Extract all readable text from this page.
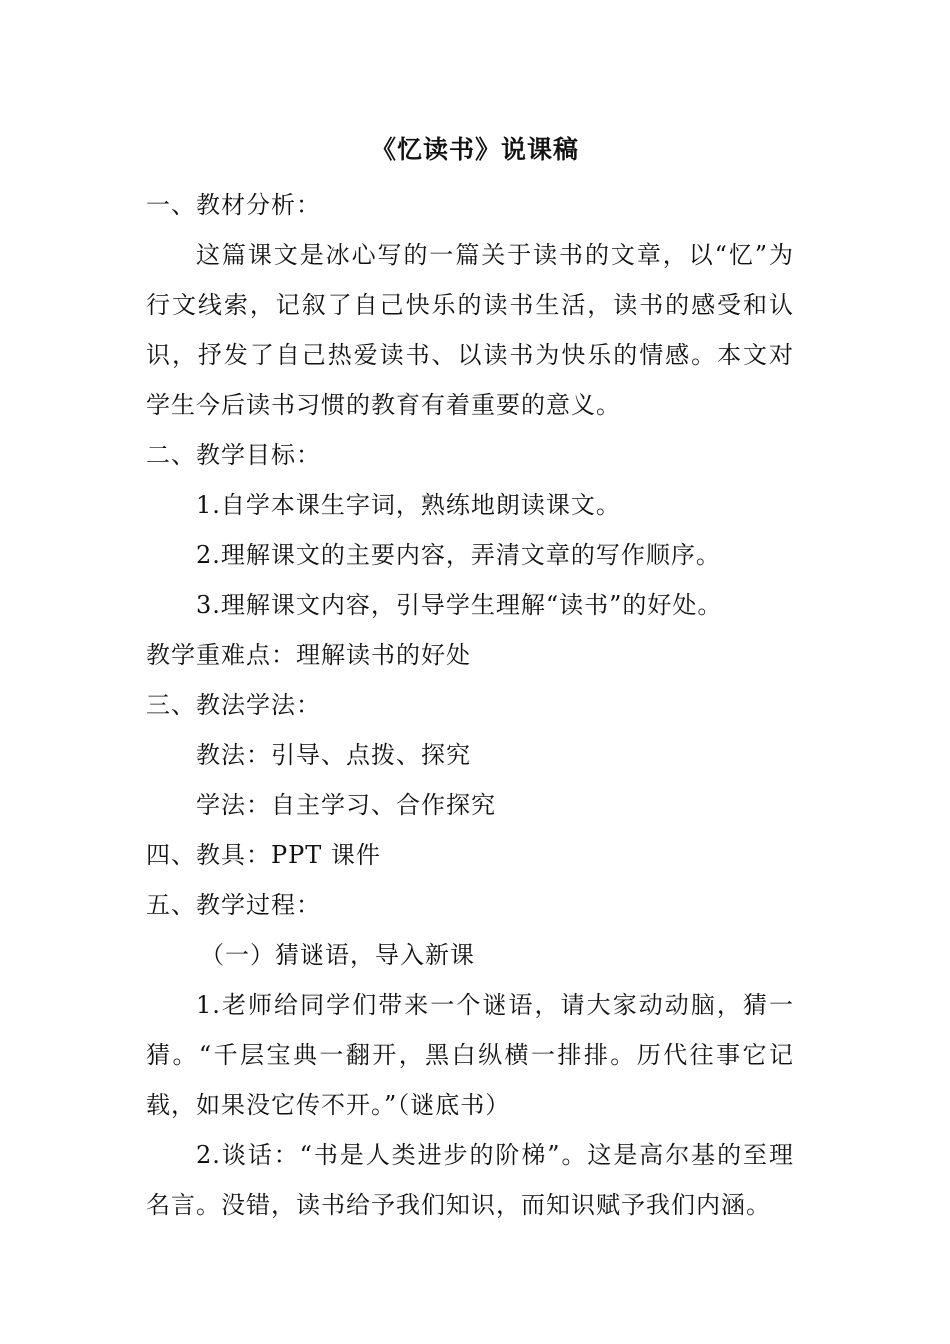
《忆读书》说课稿
一、教材分析：
这篇课文是冰心写的一篇关于读书的文章，以“忆”为行文线索，记叙了自己快乐的读书生活，读书的感受和认识，抒发了自己热爱读书、以读书为快乐的情感。本文对学生今后读书习惯的教育有着重要的意义。
二、教学目标：
1.自学本课生字词，熟练地朗读课文。
2.理解课文的主要内容，弄清文章的写作顺序。
3.理解课文内容，引导学生理解“读书”的好处。
教学重难点：理解读书的好处
三、教法学法：
教法：引导、点拨、探究
学法：自主学习、合作探究
四、教具：PPT 课件
五、教学过程：
（一）猜谜语，导入新课
1.老师给同学们带来一个谜语，请大家动动脑，猜一猜。“千层宝典一翻开，黑白纵横一排排。历代往事它记载，如果没它传不开。”（谜底书）
2.谈话：“书是人类进步的阶梯”。这是高尔基的至理名言。没错，读书给予我们知识，而知识赋予我们内涵。
